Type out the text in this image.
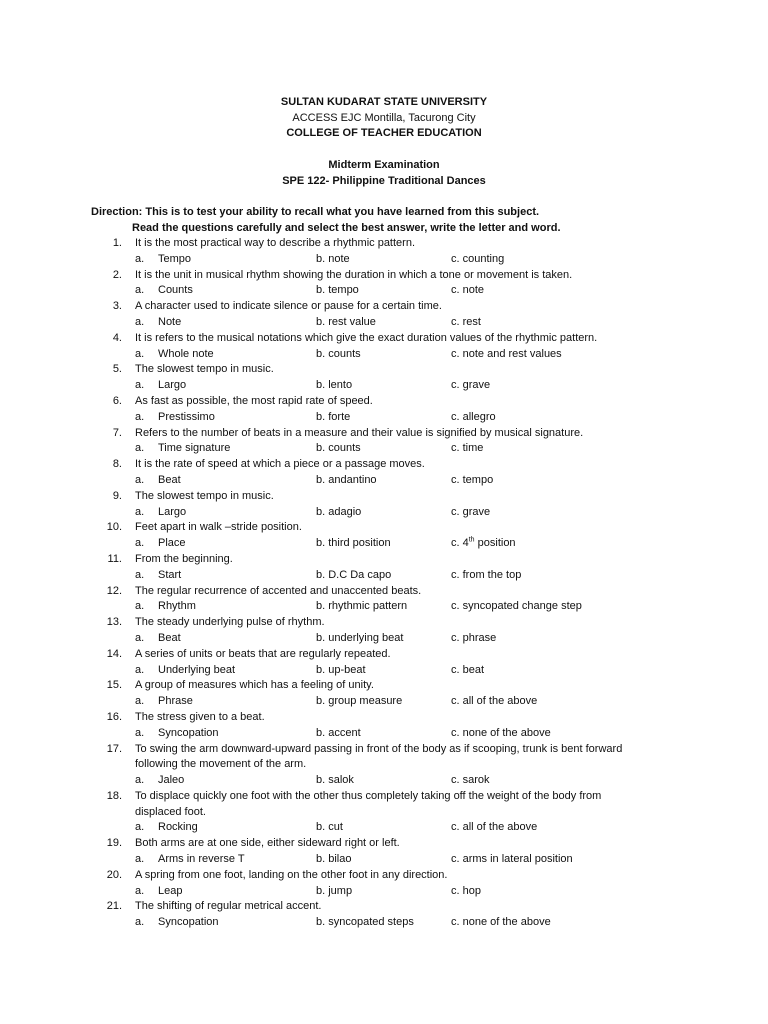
SULTAN KUDARAT STATE UNIVERSITY
ACCESS EJC Montilla, Tacurong City
COLLEGE OF TEACHER EDUCATION
Midterm Examination
SPE 122- Philippine Traditional Dances
Direction: This is to test your ability to recall what you have learned from this subject.
Read the questions carefully and select the best answer, write the letter and word.
1. It is the most practical way to describe a rhythmic pattern.
a. Tempo	b. note	c. counting
2. It is the unit in musical rhythm showing the duration in which a tone or movement is taken.
a. Counts	b. tempo	c. note
3. A character used to indicate silence or pause for a certain time.
a. Note	b. rest value	c. rest
4. It is refers to the musical notations which give the exact duration values of the rhythmic pattern.
a. Whole note	b. counts	c. note and rest values
5. The slowest tempo in music.
a. Largo	b. lento	c. grave
6. As fast as possible, the most rapid rate of speed.
a. Prestissimo	b. forte	c. allegro
7. Refers to the number of beats in a measure and their value is signified by musical signature.
a. Time signature	b. counts	c. time
8. It is the rate of speed at which a piece or a passage moves.
a. Beat	b. andantino	c. tempo
9. The slowest tempo in music.
a. Largo	b. adagio	c. grave
10. Feet apart in walk –stride position.
a. Place	b. third position	c. 4th position
11. From the beginning.
a. Start	b. D.C Da capo	c. from the top
12. The regular recurrence of accented and unaccented beats.
a. Rhythm	b. rhythmic pattern	c. syncopated change step
13. The steady underlying pulse of rhythm.
a. Beat	b. underlying beat	c. phrase
14. A series of units or beats that are regularly repeated.
a. Underlying beat	b. up-beat	c. beat
15. A group of measures which has a feeling of unity.
a. Phrase	b. group measure	c. all of the above
16. The stress given to a beat.
a. Syncopation	b. accent	c. none of the above
17. To swing the arm downward-upward passing in front of the body as if scooping, trunk is bent forward
following the movement of the arm.
a. Jaleo	b. salok	c. sarok
18. To displace quickly one foot with the other thus completely taking off the weight of the body from
displaced foot.
a. Rocking	b. cut	c. all of the above
19. Both arms are at one side, either sideward right or left.
a. Arms in reverse T	b. bilao	c. arms in lateral position
20. A spring from one foot, landing on the other foot in any direction.
a. Leap	b. jump	c. hop
21. The shifting of regular metrical accent.
a. Syncopation	b. syncopated steps	c. none of the above
